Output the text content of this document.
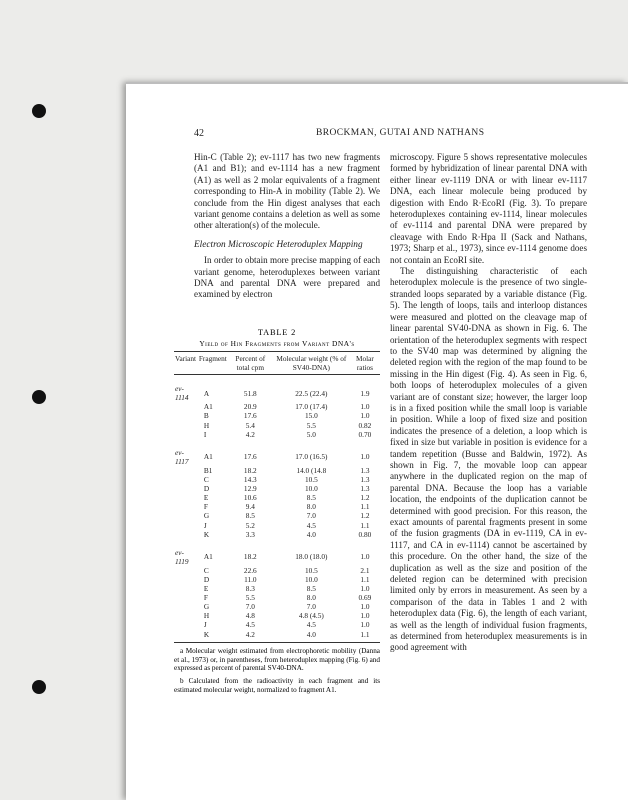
42	BROCKMAN, GUTAI AND NATHANS

Hin-C (Table 2); ev-1117 has two new fragments (A1 and B1); and ev-1114 has a new fragment (A1) as well as 2 molar equivalents of a fragment corresponding to Hin-A in mobility (Table 2). We conclude from the Hin digest analyses that each variant genome contains a deletion as well as some other alteration(s) of the molecule.

Electron Microscopic Heteroduplex Mapping

In order to obtain more precise mapping of each variant genome, heteroduplexes between variant DNA and parental DNA were prepared and examined by electron

TABLE 2
Yield of Hin Fragments from Variant DNA's
Variant	Fragment	Percent of total cpm	Molecular weight (% of SV40-DNA)	Molar ratios
ev-1114	A	51.8	22.5 (22.4)	1.9
	A1	20.9	17.0 (17.4)	1.0
	B	17.6	15.0	1.0
	H	5.4	5.5	0.82
	I	4.2	5.0	0.70
ev-1117	A1	17.6	17.0 (16.5)	1.0
	B1	18.2	14.0 (14.8	1.3
	C	14.3	10.5	1.3
	D	12.9	10.0	1.3
	E	10.6	8.5	1.2
	F	9.4	8.0	1.1
	G	8.5	7.0	1.2
	J	5.2	4.5	1.1
	K	3.3	4.0	0.80
ev-1119	A1	18.2	18.0 (18.0)	1.0
	C	22.6	10.5	2.1
	D	11.0	10.0	1.1
	E	8.3	8.5	1.0
	F	5.5	8.0	0.69
	G	7.0	7.0	1.0
	H	4.8	4.8 (4.5)	1.0
	J	4.5	4.5	1.0
	K	4.2	4.0	1.1
a Molecular weight estimated from electrophoretic mobility (Danna et al., 1973) or, in parentheses, from heteroduplex mapping (Fig. 6) and expressed as percent of parental SV40-DNA.
b Calculated from the radioactivity in each fragment and its estimated molecular weight, normalized to fragment A1.

microscopy. Figure 5 shows representative molecules formed by hybridization of linear parental DNA with either linear ev-1119 DNA or with linear ev-1117 DNA, each linear molecule being produced by digestion with Endo R·EcoRI (Fig. 3). To prepare heteroduplexes containing ev-1114, linear molecules of ev-1114 and parental DNA were prepared by cleavage with Endo R·Hpa II (Sack and Nathans, 1973; Sharp et al., 1973), since ev-1114 genome does not contain an EcoRI site.

The distinguishing characteristic of each heteroduplex molecule is the presence of two single-stranded loops separated by a variable distance (Fig. 5). The length of loops, tails and interloop distances were measured and plotted on the cleavage map of linear parental SV40-DNA as shown in Fig. 6. The orientation of the heteroduplex segments with respect to the SV40 map was determined by aligning the deleted region with the region of the map found to be missing in the Hin digest (Fig. 4). As seen in Fig. 6, both loops of heteroduplex molecules of a given variant are of constant size; however, the larger loop is in a fixed position while the small loop is variable in position. While a loop of fixed size and position indicates the presence of a deletion, a loop which is fixed in size but variable in position is evidence for a tandem repetition (Busse and Baldwin, 1972). As shown in Fig. 7, the movable loop can appear anywhere in the duplicated region on the map of parental DNA. Because the loop has a variable location, the endpoints of the duplication cannot be determined with good precision. For this reason, the exact amounts of parental fragments present in some of the fusion gragments (DA in ev-1119, CA in ev-1117, and CA in ev-1114) cannot be ascertained by this procedure. On the other hand, the size of the duplication as well as the size and position of the deleted region can be determined with precision limited only by errors in measurement. As seen by a comparison of the data in Tables 1 and 2 with heteroduplex data (Fig. 6), the length of each variant, as well as the length of individual fusion fragments, as determined from heteroduplex measurements is in good agreement with
